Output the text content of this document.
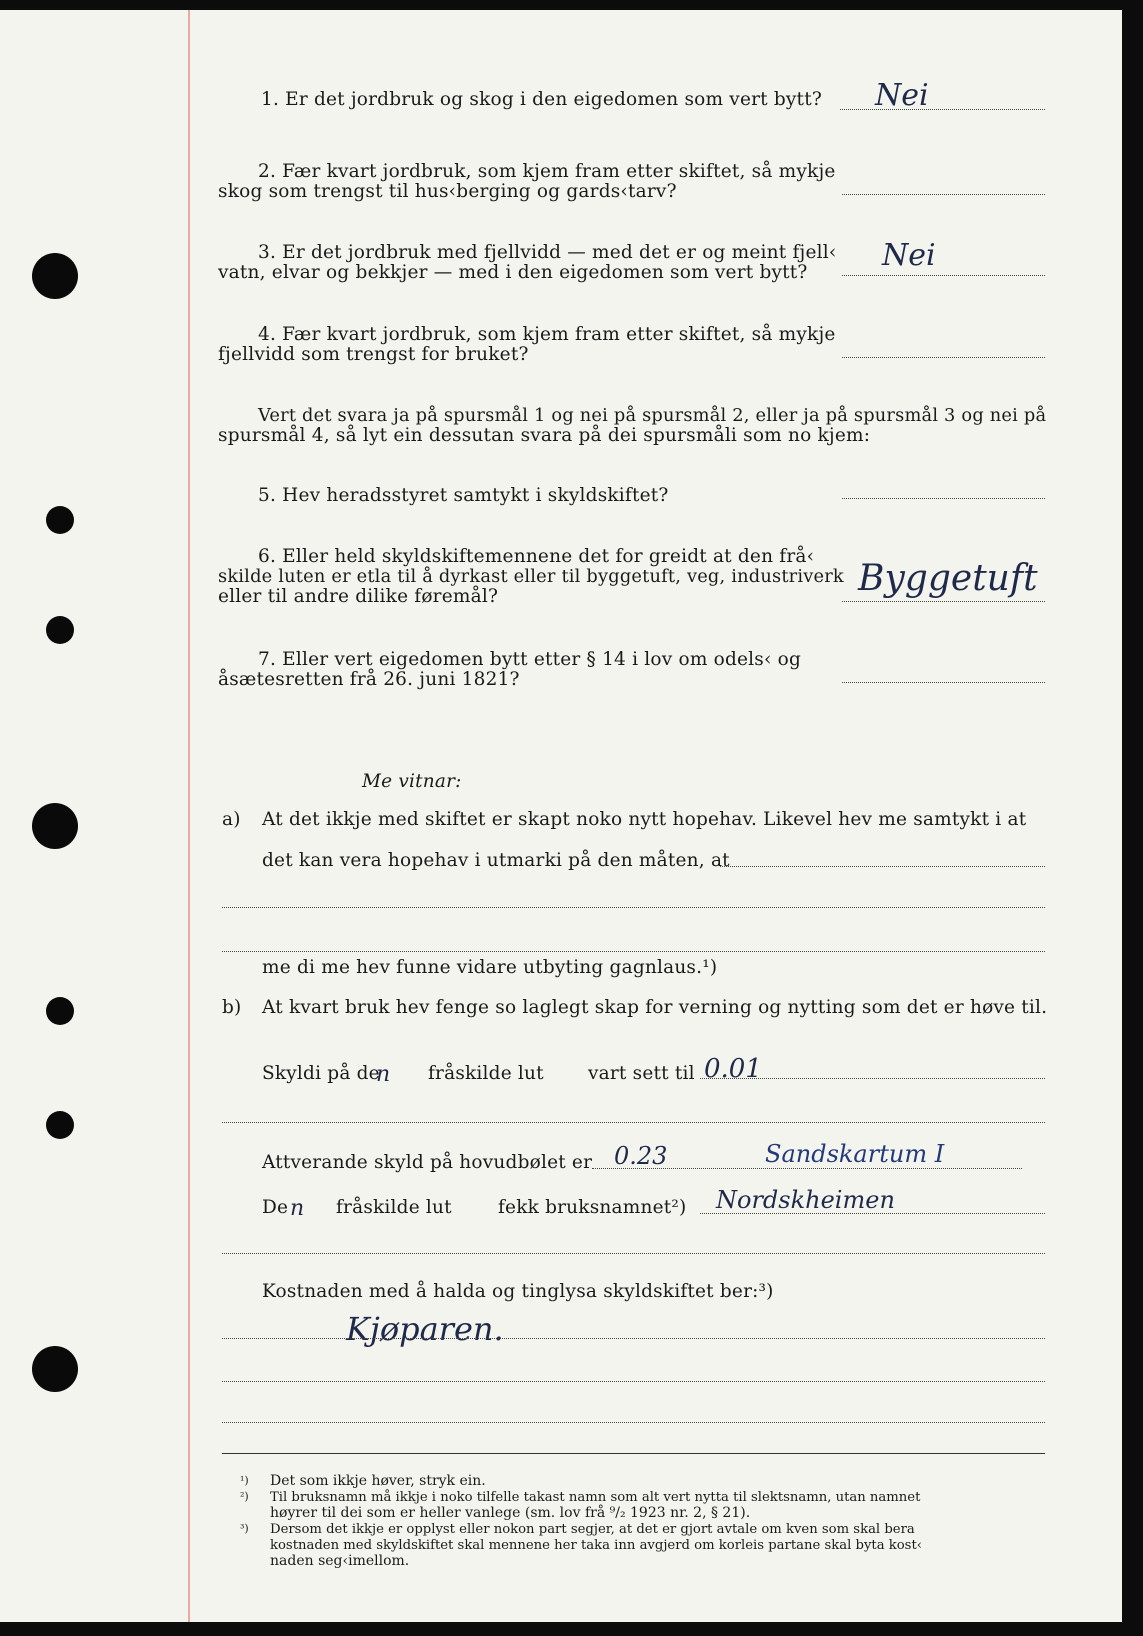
1. Er det jordbruk og skog i den eigedomen som vert bytt? Nei
2. Fær kvart jordbruk, som kjem fram etter skiftet, så mykje
skog som trengst til hus‹berging og gards‹tarv?
3. Er det jordbruk med fjellvidd — med det er og meint fjell‹
vatn, elvar og bekkjer — med i den eigedomen som vert bytt? Nei
4. Fær kvart jordbruk, som kjem fram etter skiftet, så mykje
fjellvidd som trengst for bruket?
Vert det svara ja på spursmål 1 og nei på spursmål 2, eller ja på spursmål 3 og nei på
spursmål 4, så lyt ein dessutan svara på dei spursmåli som no kjem:
5. Hev heradsstyret samtykt i skyldskiftet?
6. Eller held skyldskiftemennene det for greidt at den frå‹
skilde luten er etla til å dyrkast eller til byggetuft, veg, industriverk
eller til andre dilike føremål?	Byggetuft
7. Eller vert eigedomen bytt etter § 14 i lov om odels‹ og
åsætesretten frå 26. juni 1821?
Me vitnar:
a) At det ikkje med skiftet er skapt noko nytt hopehav. Likevel hev me samtykt i at
det kan vera hopehav i utmarki på den måten, at
me di me hev funne vidare utbyting gagnlaus.¹)
b) At kvart bruk hev fenge so laglegt skap for verning og nytting som det er høve til.
Skyldi på de
n fråskilde lut vart sett til 0.01
Attverande skyld på hovudbølet er 0.23	Sandskartum I
De n fråskilde lut fekk bruksnamnet²) Nordskheimen
Kostnaden med å halda og tinglysa skyldskiftet ber:³)
Kjøparen.
¹) Det som ikkje høver, stryk ein.
²) Til bruksnamn må ikkje i noko tilfelle takast namn som alt vert nytta til slektsnamn, utan namnet
høyrer til dei som er heller vanlege (sm. lov frå ⁹/₂ 1923 nr. 2, § 21).
³) Dersom det ikkje er opplyst eller nokon part segjer, at det er gjort avtale om kven som skal bera
kostnaden med skyldskiftet skal mennene her taka inn avgjerd om korleis partane skal byta kost‹
naden seg‹imellom.
